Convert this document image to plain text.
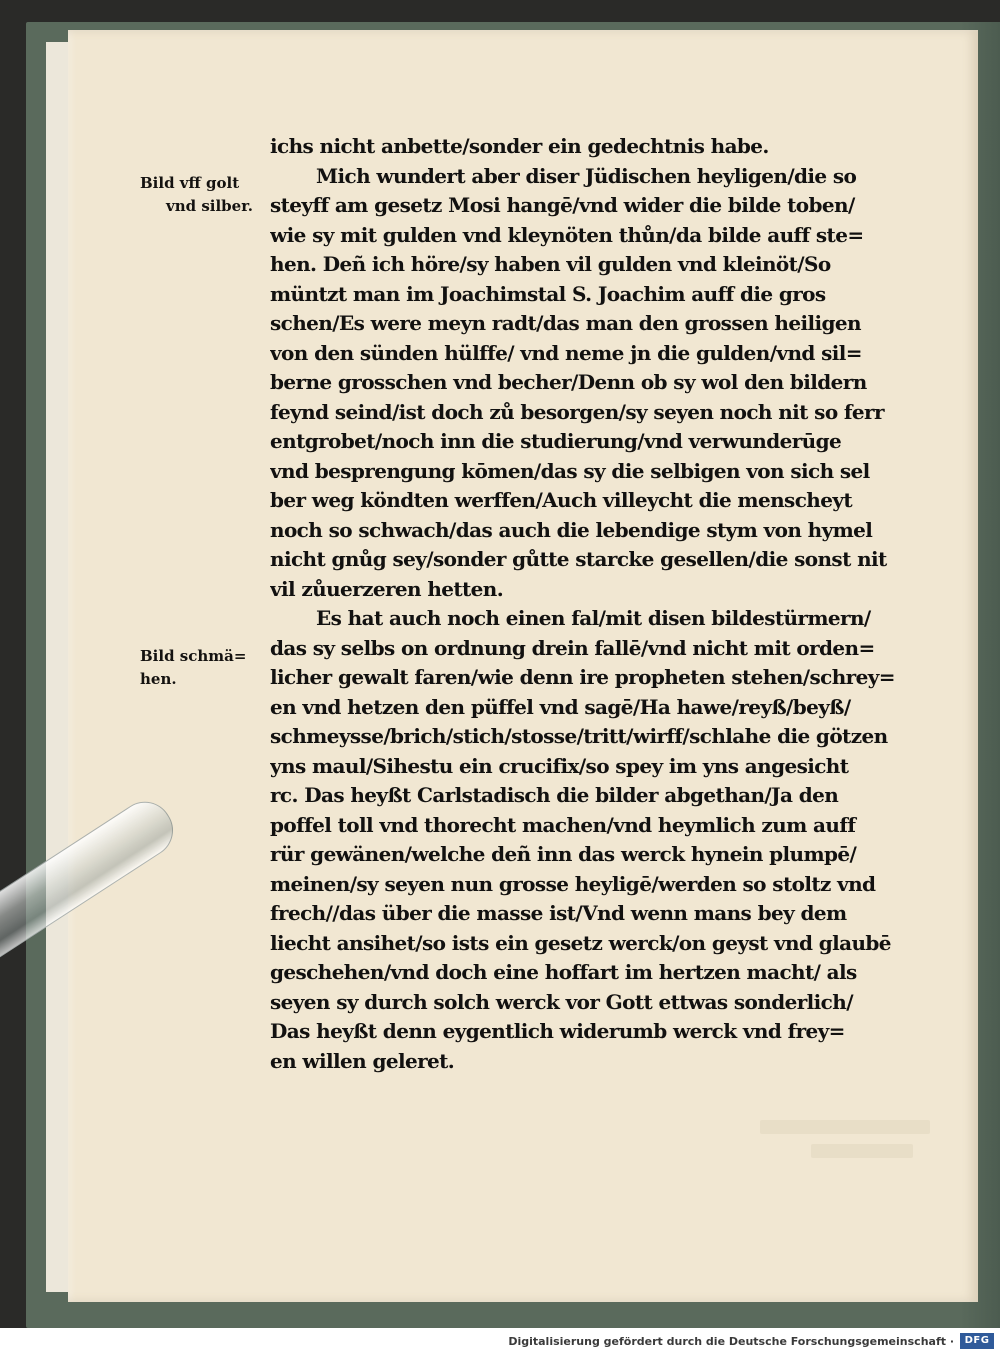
Bild vff golt
vnd silber.
Bild schmä=
hen.
ichs nicht anbette/sonder ein gedechtnis habe.
Mich wundert aber diser Jüdischen heyligen/die so
steyff am gesetz Mosi hangē/vnd wider die bilde toben/
wie sy mit gulden vnd kleynöten thůn/da bilde auff ste=
hen. Deñ ich höre/sy haben vil gulden vnd kleinöt/So
müntzt man im Joachimstal S. Joachim auff die gros
schen/Es were meyn radt/das man den grossen heiligen
von den sünden hülffe/ vnd neme jn die gulden/vnd sil=
berne grosschen vnd becher/Denn ob sy wol den bildern
feynd seind/ist doch zů besorgen/sy seyen noch nit so ferr
entgrobet/noch inn die studierung/vnd verwunderūge
vnd besprengung kōmen/das sy die selbigen von sich sel
ber weg köndten werffen/Auch villeycht die menscheyt
noch so schwach/das auch die lebendige stym von hymel
nicht gnůg sey/sonder gůtte starcke gesellen/die sonst nit
vil zůuerzeren hetten.
Es hat auch noch einen fal/mit disen bildestürmern/
das sy selbs on ordnung drein fallē/vnd nicht mit orden=
licher gewalt faren/wie denn ire propheten stehen/schrey=
en vnd hetzen den püffel vnd sagē/Ha hawe/reyß/beyß/
schmeysse/brich/stich/stosse/tritt/wirff/schlahe die götzen
yns maul/Sihestu ein crucifix/so spey im yns angesicht
rc. Das heyßt Carlstadisch die bilder abgethan/Ja den
poffel toll vnd thorecht machen/vnd heymlich zum auff
rür gewänen/welche deñ inn das werck hynein plumpē/
meinen/sy seyen nun grosse heyligē/werden so stoltz vnd
frech//das über die masse ist/Vnd wenn mans bey dem
liecht ansihet/so ists ein gesetz werck/on geyst vnd glaubē
geschehen/vnd doch eine hoffart im hertzen macht/ als
seyen sy durch solch werck vor Gott ettwas sonderlich/
Das heyßt denn eygentlich widerumb werck vnd frey=
en willen geleret.
Digitalisierung gefördert durch die Deutsche Forschungsgemeinschaft ·	DFG
